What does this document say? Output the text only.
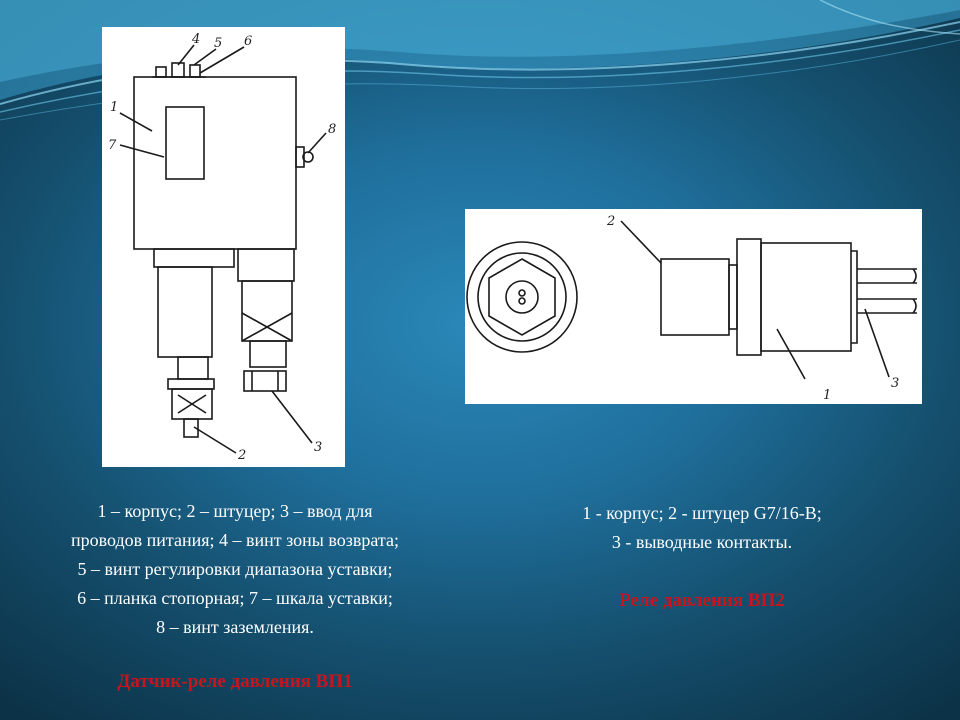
1
2
3
4 5 6
7
8
1
2
3
1 – корпус; 2 – штуцер; 3 – ввод для
проводов питания; 4 – винт зоны возврата;
5 – винт регулировки диапазона уставки;
6 – планка стопорная; 7 – шкала уставки;
8 – винт заземления.
Датчик-реле давления ВП1
1 - корпус; 2 - штуцер G7/16-B;
3 - выводные контакты.
Реле давления ВП2
